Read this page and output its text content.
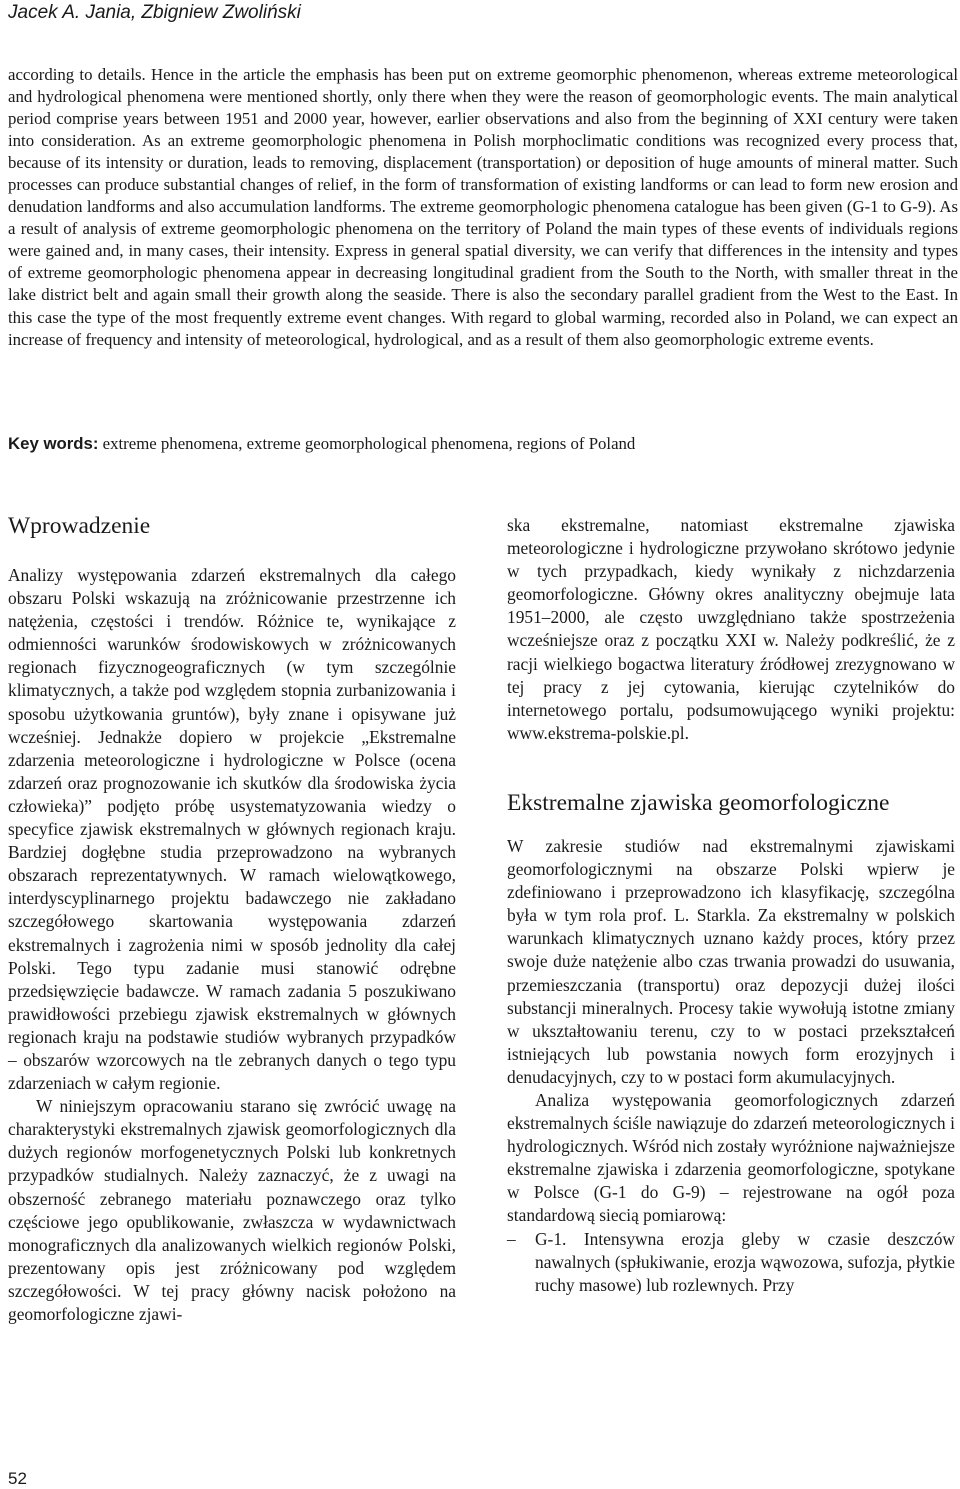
Jacek A. Jania, Zbigniew Zwoliński

according to details. Hence in the article the emphasis has been put on extreme geomorphic phenomenon, whereas extreme meteorological and hydrological phenomena were mentioned shortly, only there when they were the reason of geomorphologic events. The main analytical period comprise years between 1951 and 2000 year, however, earlier observations and also from the beginning of XXI century were taken into consideration. As an extreme geomorphologic phenomena in Polish morphoclimatic conditions was recognized every process that, because of its intensity or duration, leads to removing, displacement (transportation) or deposition of huge amounts of mineral matter. Such processes can produce substantial changes of relief, in the form of transformation of existing landforms or can lead to form new erosion and denudation landforms and also accumulation landforms. The extreme geomorphologic phenomena catalogue has been given (G-1 to G-9). As a result of analysis of extreme geomorphologic phenomena on the territory of Poland the main types of these events of individuals regions were gained and, in many cases, their intensity. Express in general spatial diversity, we can verify that differences in the intensity and types of extreme geomorphologic phenomena appear in decreasing longitudinal gradient from the South to the North, with smaller threat in the lake district belt and again small their growth along the seaside. There is also the secondary parallel gradient from the West to the East. In this case the type of the most frequently extreme event changes. With regard to global warming, recorded also in Poland, we can expect an increase of frequency and intensity of meteorological, hydrological, and as a result of them also geomorphologic extreme events.

Key words: extreme phenomena, extreme geomorphological phenomena, regions of Poland

Wprowadzenie

Analizy występowania zdarzeń ekstremalnych dla całego obszaru Polski wskazują na zróżnicowanie przestrzenne ich natężenia, częstości i trendów. Różnice te, wynikające z odmienności warunków środowiskowych w zróżnicowanych regionach fizycznogeograficznych (w tym szczególnie klimatycznych, a także pod względem stopnia zurbanizowania i sposobu użytkowania gruntów), były znane i opisywane już wcześniej. Jednakże dopiero w projekcie „Ekstremalne zdarzenia meteorologiczne i hydrologiczne w Polsce (ocena zdarzeń oraz prognozowanie ich skutków dla środowiska życia człowieka)” podjęto próbę usystematyzowania wiedzy o specyfice zjawisk ekstremalnych w głównych regionach kraju. Bardziej dogłębne studia przeprowadzono na wybranych obszarach reprezentatywnych. W ramach wielowątkowego, interdyscyplinarnego projektu badawczego nie zakładano szczegółowego skartowania występowania zdarzeń ekstremalnych i zagrożenia nimi w sposób jednolity dla całej Polski. Tego typu zadanie musi stanowić odrębne przedsięwzięcie badawcze. W ramach zadania 5 poszukiwano prawidłowości przebiegu zjawisk ekstremalnych w głównych regionach kraju na podstawie studiów wybranych przypadków – obszarów wzorcowych na tle zebranych danych o tego typu zdarzeniach w całym regionie.

W niniejszym opracowaniu starano się zwrócić uwagę na charakterystyki ekstremalnych zjawisk geomorfologicznych dla dużych regionów morfogenetycznych Polski lub konkretnych przypadków studialnych. Należy zaznaczyć, że z uwagi na obszerność zebranego materiału poznawczego oraz tylko częściowe jego opublikowanie, zwłaszcza w wydawnictwach monograficznych dla analizowanych wielkich regionów Polski, prezentowany opis jest zróżnicowany pod względem szczegółowości. W tej pracy główny nacisk położono na geomorfologiczne zjawi-

ska ekstremalne, natomiast ekstremalne zjawiska meteorologiczne i hydrologiczne przywołano skrótowo jedynie w tych przypadkach, kiedy wynikały z nichzdarzenia geomorfologiczne. Główny okres analityczny obejmuje lata 1951–2000, ale często uwzględniano także spostrzeżenia wcześniejsze oraz z początku XXI w. Należy podkreślić, że z racji wielkiego bogactwa literatury źródłowej zrezygnowano w tej pracy z jej cytowania, kierując czytelników do internetowego portalu, podsumowującego wyniki projektu: www.ekstrema-polskie.pl.

Ekstremalne zjawiska geomorfologiczne

W zakresie studiów nad ekstremalnymi zjawiskami geomorfologicznymi na obszarze Polski wpierw je zdefiniowano i przeprowadzono ich klasyfikację, szczególna była w tym rola prof. L. Starkla. Za ekstremalny w polskich warunkach klimatycznych uznano każdy proces, który przez swoje duże natężenie albo czas trwania prowadzi do usuwania, przemieszczania (transportu) oraz depozycji dużej ilości substancji mineralnych. Procesy takie wywołują istotne zmiany w ukształtowaniu terenu, czy to w postaci przekształceń istniejących lub powstania nowych form erozyjnych i denudacyjnych, czy to w postaci form akumulacyjnych.

Analiza występowania geomorfologicznych zdarzeń ekstremalnych ściśle nawiązuje do zdarzeń meteorologicznych i hydrologicznych. Wśród nich zostały wyróżnione najważniejsze ekstremalne zjawiska i zdarzenia geomorfologiczne, spotykane w Polsce (G-1 do G-9) – rejestrowane na ogół poza standardową siecią pomiarową:

– G-1. Intensywna erozja gleby w czasie deszczów nawalnych (spłukiwanie, erozja wąwozowa, sufozja, płytkie ruchy masowe) lub rozlewnych. Przy
52
